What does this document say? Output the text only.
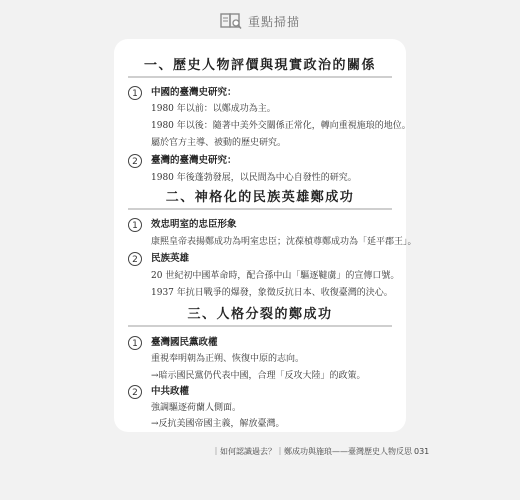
重點掃描
一、歷史人物評價與現實政治的關係
1	中國的臺灣史研究：
1980 年以前：以鄭成功為主。
1980 年以後：隨著中美外交關係正常化，轉向重視施琅的地位。
屬於官方主導、被動的歷史研究。
2	臺灣的臺灣史研究：
1980 年後蓬勃發展，以民間為中心自發性的研究。
二、神格化的民族英雄鄭成功
1	效忠明室的忠臣形象
康熙皇帝表揚鄭成功為明室忠臣；沈葆楨尊鄭成功為「延平郡王」。
2	民族英雄
20 世紀初中國革命時，配合孫中山「驅逐韃虜」的宣傳口號。
1937 年抗日戰爭的爆發，象徵反抗日本、收復臺灣的決心。
三、人格分裂的鄭成功
1	臺灣國民黨政權
重視奉明朝為正朔、恢復中原的志向。
→暗示國民黨仍代表中國，合理「反攻大陸」的政策。
2	中共政權
強調驅逐荷蘭人側面。
→反抗美國帝國主義，解放臺灣。
｜如何認識過去？｜鄭成功與施琅——臺灣歷史人物反思 031
